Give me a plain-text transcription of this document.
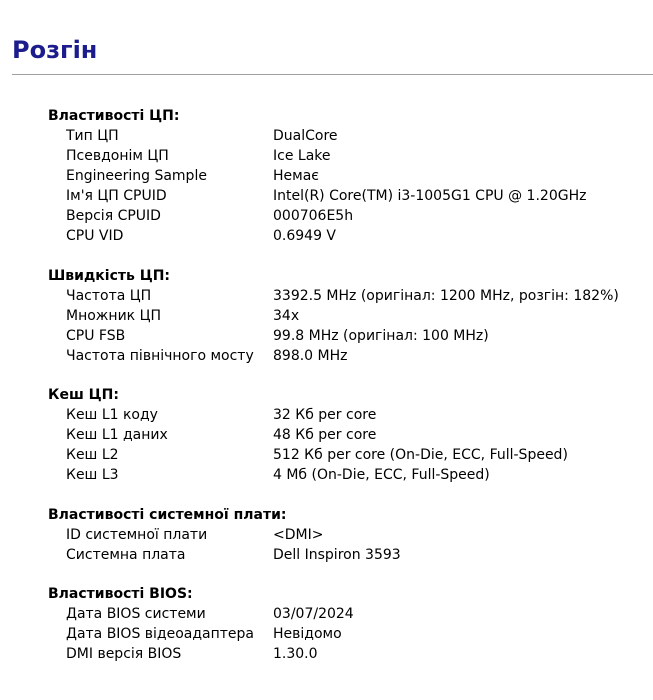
Розгін
Властивості ЦП:
Тип ЦП	DualCore
Псевдонім ЦП	Ice Lake
Engineering Sample	Немає
Ім'я ЦП CPUID	Intel(R) Core(TM) i3-1005G1 CPU @ 1.20GHz
Версія CPUID	000706E5h
CPU VID	0.6949 V
Швидкість ЦП:
Частота ЦП	3392.5 MHz (оригінал: 1200 MHz, розгін: 182%)
Множник ЦП	34x
CPU FSB	99.8 MHz (оригінал: 100 MHz)
Частота північного мосту	898.0 MHz
Кеш ЦП:
Кеш L1 коду	32 Кб per core
Кеш L1 даних	48 Кб per core
Кеш L2	512 Кб per core (On-Die, ECC, Full-Speed)
Кеш L3	4 Мб (On-Die, ECC, Full-Speed)
Властивості системної плати:
ID системної плати	<DMI>
Системна плата	Dell Inspiron 3593
Властивості BIOS:
Дата BIOS системи	03/07/2024
Дата BIOS відеоадаптера	Невідомо
DMI версія BIOS	1.30.0
